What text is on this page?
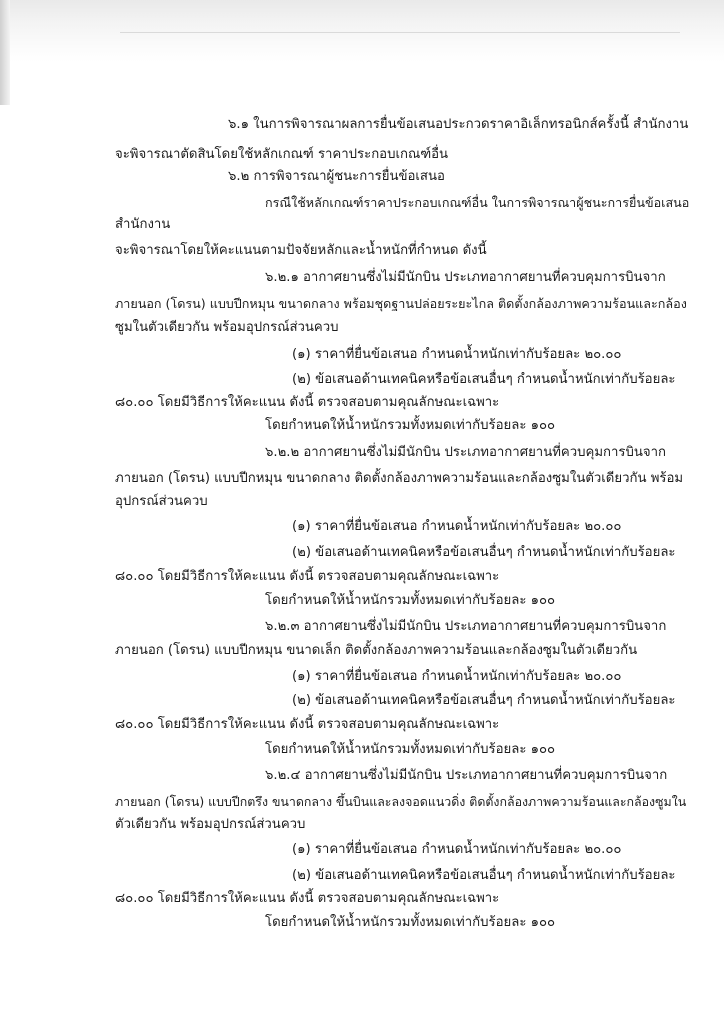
๖.๑ ในการพิจารณาผลการยื่นข้อเสนอประกวดราคาอิเล็กทรอนิกส์ครั้งนี้ สำนักงาน

จะพิจารณาตัดสินโดยใช้หลักเกณฑ์ ราคาประกอบเกณฑ์อื่น

๖.๒ การพิจารณาผู้ชนะการยื่นข้อเสนอ

กรณีใช้หลักเกณฑ์ราคาประกอบเกณฑ์อื่น ในการพิจารณาผู้ชนะการยื่นข้อเสนอ

สำนักงาน

จะพิจารณาโดยให้คะแนนตามปัจจัยหลักและน้ำหนักที่กำหนด ดังนี้

๖.๒.๑ อากาศยานซึ่งไม่มีนักบิน ประเภทอากาศยานที่ควบคุมการบินจาก

ภายนอก (โดรน) แบบปีกหมุน ขนาดกลาง พร้อมชุดฐานปล่อยระยะไกล ติดตั้งกล้องภาพความร้อนและกล้อง

ซูมในตัวเดียวกัน พร้อมอุปกรณ์ส่วนควบ

(๑) ราคาที่ยื่นข้อเสนอ กำหนดน้ำหนักเท่ากับร้อยละ ๒๐.๐๐

(๒) ข้อเสนอด้านเทคนิคหรือข้อเสนอื่นๆ กำหนดน้ำหนักเท่ากับร้อยละ

๘๐.๐๐ โดยมีวิธีการให้คะแนน ดังนี้ ตรวจสอบตามคุณลักษณะเฉพาะ

โดยกำหนดให้น้ำหนักรวมทั้งหมดเท่ากับร้อยละ ๑๐๐

๖.๒.๒ อากาศยานซึ่งไม่มีนักบิน ประเภทอากาศยานที่ควบคุมการบินจาก

ภายนอก (โดรน) แบบปีกหมุน ขนาดกลาง ติดตั้งกล้องภาพความร้อนและกล้องซูมในตัวเดียวกัน พร้อม

อุปกรณ์ส่วนควบ

(๑) ราคาที่ยื่นข้อเสนอ กำหนดน้ำหนักเท่ากับร้อยละ ๒๐.๐๐

(๒) ข้อเสนอด้านเทคนิคหรือข้อเสนอื่นๆ กำหนดน้ำหนักเท่ากับร้อยละ

๘๐.๐๐ โดยมีวิธีการให้คะแนน ดังนี้ ตรวจสอบตามคุณลักษณะเฉพาะ

โดยกำหนดให้น้ำหนักรวมทั้งหมดเท่ากับร้อยละ ๑๐๐

๖.๒.๓ อากาศยานซึ่งไม่มีนักบิน ประเภทอากาศยานที่ควบคุมการบินจาก

ภายนอก (โดรน) แบบปีกหมุน ขนาดเล็ก ติดตั้งกล้องภาพความร้อนและกล้องซูมในตัวเดียวกัน

(๑) ราคาที่ยื่นข้อเสนอ กำหนดน้ำหนักเท่ากับร้อยละ ๒๐.๐๐

(๒) ข้อเสนอด้านเทคนิคหรือข้อเสนอื่นๆ กำหนดน้ำหนักเท่ากับร้อยละ

๘๐.๐๐ โดยมีวิธีการให้คะแนน ดังนี้ ตรวจสอบตามคุณลักษณะเฉพาะ

โดยกำหนดให้น้ำหนักรวมทั้งหมดเท่ากับร้อยละ ๑๐๐

๖.๒.๔ อากาศยานซึ่งไม่มีนักบิน ประเภทอากาศยานที่ควบคุมการบินจาก

ภายนอก (โดรน) แบบปีกตรึง ขนาดกลาง ขึ้นบินและลงจอดแนวดิ่ง ติดตั้งกล้องภาพความร้อนและกล้องซูมใน

ตัวเดียวกัน พร้อมอุปกรณ์ส่วนควบ

(๑) ราคาที่ยื่นข้อเสนอ กำหนดน้ำหนักเท่ากับร้อยละ ๒๐.๐๐

(๒) ข้อเสนอด้านเทคนิคหรือข้อเสนอื่นๆ กำหนดน้ำหนักเท่ากับร้อยละ

๘๐.๐๐ โดยมีวิธีการให้คะแนน ดังนี้ ตรวจสอบตามคุณลักษณะเฉพาะ

โดยกำหนดให้น้ำหนักรวมทั้งหมดเท่ากับร้อยละ ๑๐๐
